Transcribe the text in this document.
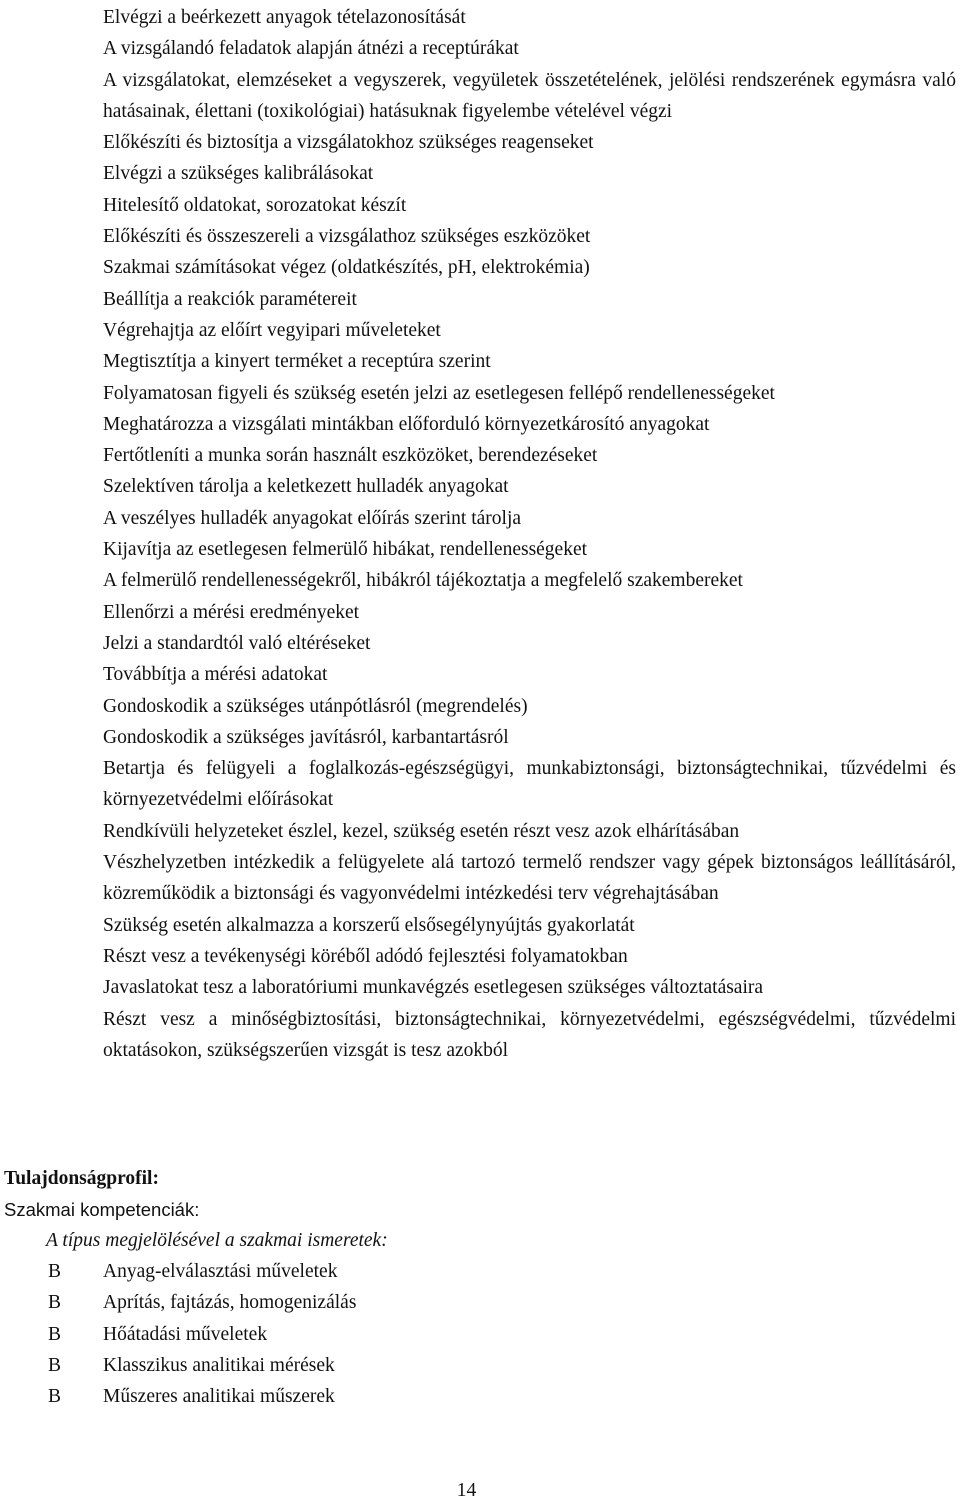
Elvégzi a beérkezett anyagok tételazonosítását
A vizsgálandó feladatok alapján átnézi a receptúrákat
A vizsgálatokat, elemzéseket a vegyszerek, vegyületek összetételének, jelölési rendszerének egymásra való hatásainak, élettani (toxikológiai) hatásuknak figyelembe vételével végzi
Előkészíti és biztosítja a vizsgálatokhoz szükséges reagenseket
Elvégzi a szükséges kalibrálásokat
Hitelesítő oldatokat, sorozatokat készít
Előkészíti és összeszereli a vizsgálathoz szükséges eszközöket
Szakmai számításokat végez (oldatkészítés, pH, elektrokémia)
Beállítja a reakciók paramétereit
Végrehajtja az előírt vegyipari műveleteket
Megtisztítja a kinyert terméket a receptúra szerint
Folyamatosan figyeli és szükség esetén jelzi az esetlegesen fellépő rendellenességeket
Meghatározza a vizsgálati mintákban előforduló környezetkárosító anyagokat
Fertőtleníti a munka során használt eszközöket, berendezéseket
Szelektíven tárolja a keletkezett hulladék anyagokat
A veszélyes hulladék anyagokat előírás szerint tárolja
Kijavítja az esetlegesen felmerülő hibákat, rendellenességeket
A felmerülő rendellenességekről, hibákról tájékoztatja a megfelelő szakembereket
Ellenőrzi a mérési eredményeket
Jelzi a standardtól való eltéréseket
Továbbítja a mérési adatokat
Gondoskodik a szükséges utánpótlásról (megrendelés)
Gondoskodik a szükséges javításról, karbantartásról
Betartja és felügyeli a foglalkozás-egészségügyi, munkabiztonsági, biztonságtechnikai, tűzvédelmi és környezetvédelmi előírásokat
Rendkívüli helyzeteket észlel, kezel, szükség esetén részt vesz azok elhárításában
Vészhelyzetben intézkedik a felügyelete alá tartozó termelő rendszer vagy gépek biztonságos leállításáról, közreműködik a biztonsági és vagyonvédelmi intézkedési terv végrehajtásában
Szükség esetén alkalmazza a korszerű elsősegélynyújtás gyakorlatát
Részt vesz a tevékenységi köréből adódó fejlesztési folyamatokban
Javaslatokat tesz a laboratóriumi munkavégzés esetlegesen szükséges változtatásaira
Részt vesz a minőségbiztosítási, biztonságtechnikai, környezetvédelmi, egészségvédelmi, tűzvédelmi oktatásokon, szükségszerűen vizsgát is tesz azokból
Tulajdonságprofil:
Szakmai kompetenciák:
A típus megjelölésével a szakmai ismeretek:
B	Anyag-elválasztási műveletek
B	Aprítás, fajtázás, homogenizálás
B	Hőátadási műveletek
B	Klasszikus analitikai mérések
B	Műszeres analitikai műszerek
14
